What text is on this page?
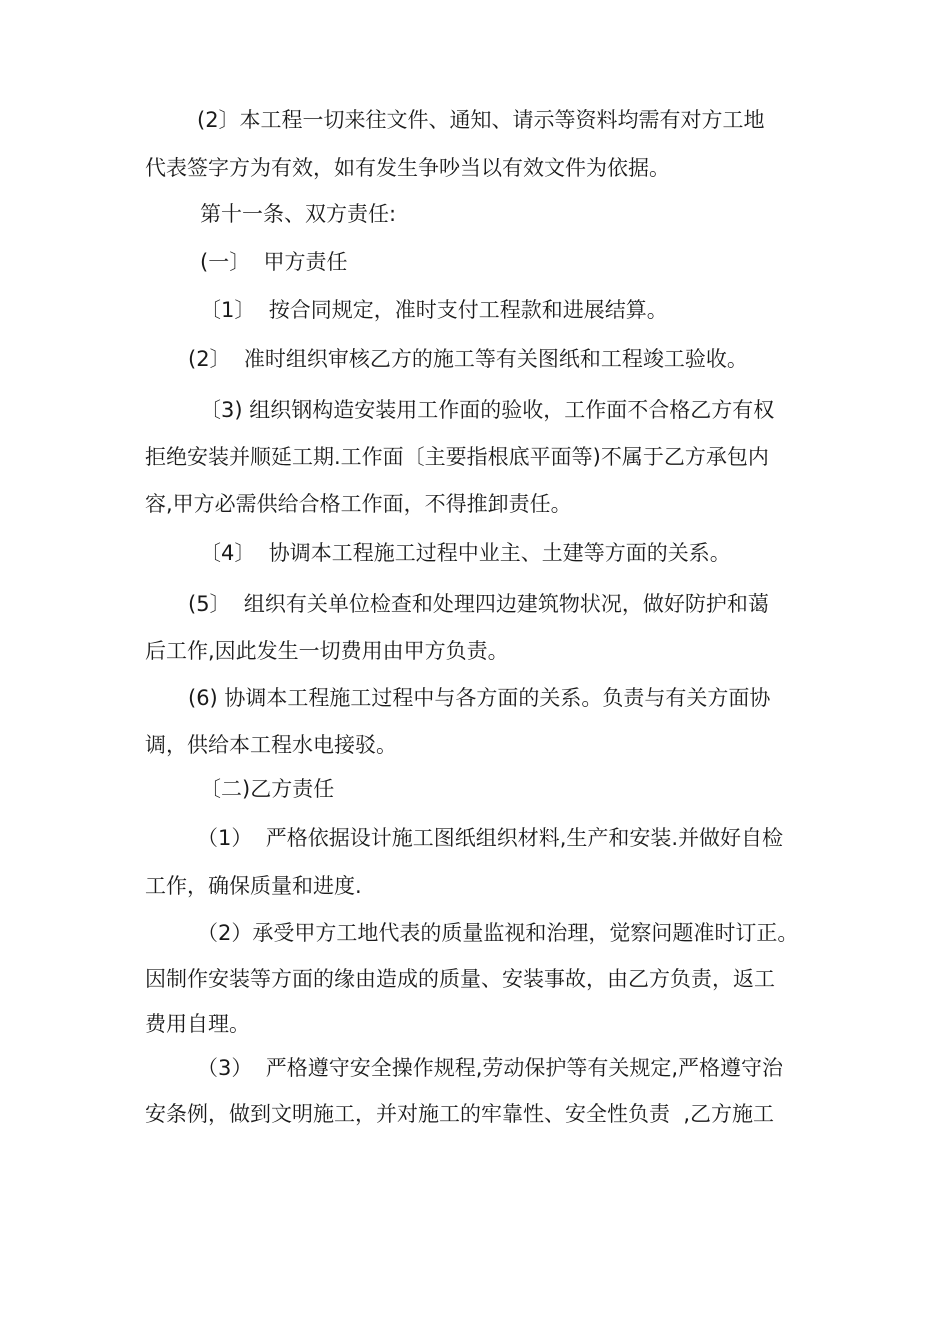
(2〕本工程一切来往文件、通知、请示等资料均需有对方工地
代表签字方为有效，如有发生争吵当以有效文件为依据。
第十一条、双方责任:
(一〕  甲方责任
〔1〕  按合同规定，准时支付工程款和进展结算。
(2〕  准时组织审核乙方的施工等有关图纸和工程竣工验收。
〔3) 组织钢构造安装用工作面的验收，工作面不合格乙方有权
拒绝安装并顺延工期.工作面〔主要指根底平面等)不属于乙方承包内
容,甲方必需供给合格工作面，不得推卸责任。
〔4〕  协调本工程施工过程中业主、土建等方面的关系。
(5〕  组织有关单位检查和处理四边建筑物状况，做好防护和蔼
后工作,因此发生一切费用由甲方负责。
(6) 协调本工程施工过程中与各方面的关系。负责与有关方面协
调，供给本工程水电接驳。
〔二)乙方责任
（1）  严格依据设计施工图纸组织材料,生产和安装.并做好自检
工作，确保质量和进度.
（2）承受甲方工地代表的质量监视和治理，觉察问题准时订正。
因制作安装等方面的缘由造成的质量、安装事故，由乙方负责，返工
费用自理。
（3）  严格遵守安全操作规程,劳动保护等有关规定,严格遵守治
安条例，做到文明施工，并对施工的牢靠性、安全性负责  ,乙方施工
